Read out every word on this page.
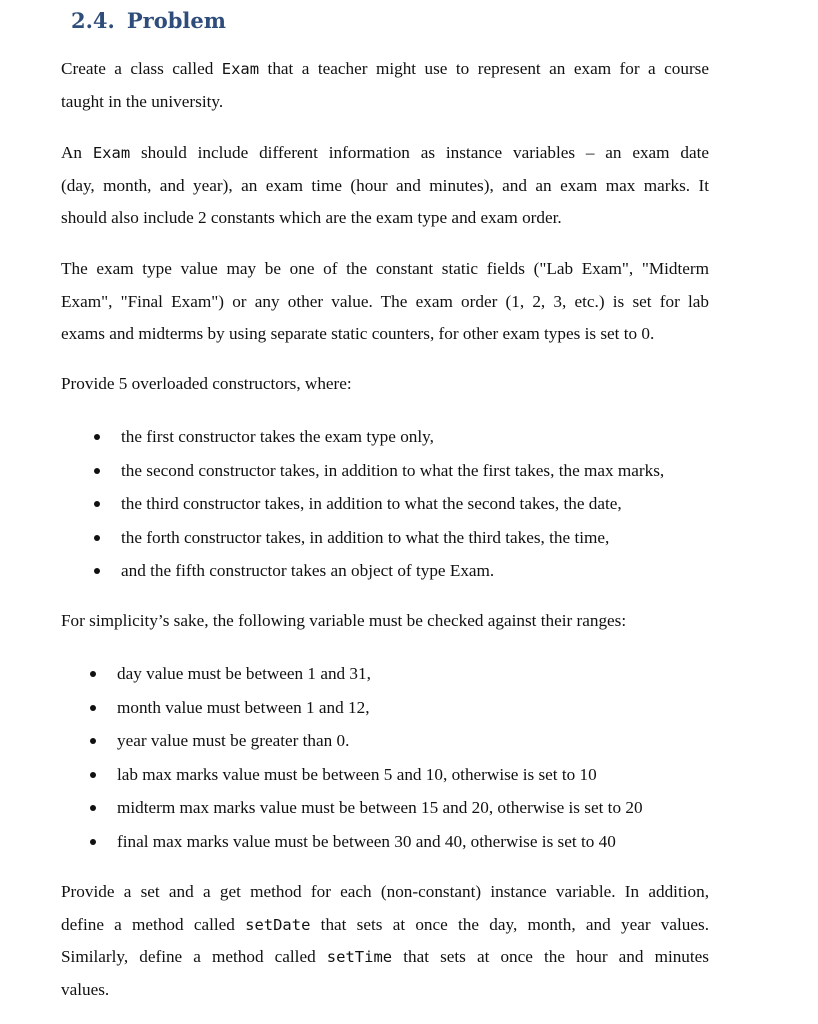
2.4. Problem

Create a class called Exam that a teacher might use to represent an exam for a course
taught in the university.

An Exam should include different information as instance variables – an exam date
(day, month, and year), an exam time (hour and minutes), and an exam max marks. It
should also include 2 constants which are the exam type and exam order.

The exam type value may be one of the constant static fields ("Lab Exam", "Midterm
Exam", "Final Exam") or any other value. The exam order (1, 2, 3, etc.) is set for lab
exams and midterms by using separate static counters, for other exam types is set to 0.

Provide 5 overloaded constructors, where:

the first constructor takes the exam type only,
the second constructor takes, in addition to what the first takes, the max marks,
the third constructor takes, in addition to what the second takes, the date,
the forth constructor takes, in addition to what the third takes, the time,
and the fifth constructor takes an object of type Exam.

For simplicity’s sake, the following variable must be checked against their ranges:

day value must be between 1 and 31,
month value must between 1 and 12,
year value must be greater than 0.
lab max marks value must be between 5 and 10, otherwise is set to 10
midterm max marks value must be between 15 and 20, otherwise is set to 20
final max marks value must be between 30 and 40, otherwise is set to 40

Provide a set and a get method for each (non-constant) instance variable. In addition,
define a method called setDate that sets at once the day, month, and year values.
Similarly, define a method called setTime that sets at once the hour and minutes
values.
